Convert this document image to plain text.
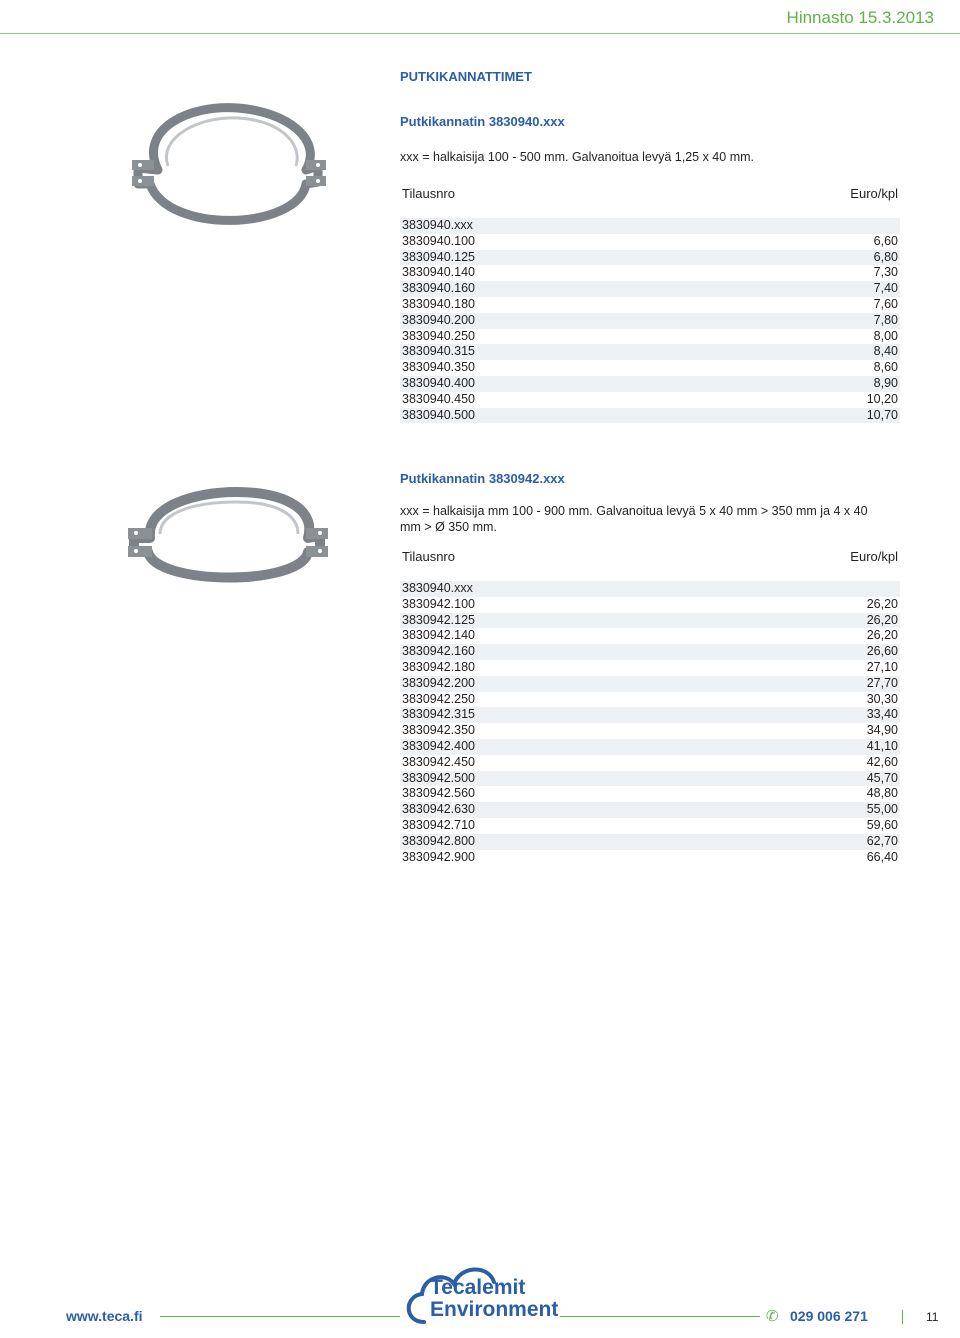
Hinnasto 15.3.2013
PUTKIKANNATTIMET
Putkikannatin 3830940.xxx
xxx = halkaisija 100 - 500 mm. Galvanoitua levyä 1,25 x 40 mm.
Tilausnro	Euro/kpl
3830940.xxx
3830940.100	6,60
3830940.125	6,80
3830940.140	7,30
3830940.160	7,40
3830940.180	7,60
3830940.200	7,80
3830940.250	8,00
3830940.315	8,40
3830940.350	8,60
3830940.400	8,90
3830940.450	10,20
3830940.500	10,70
Putkikannatin 3830942.xxx
xxx = halkaisija mm 100 - 900 mm. Galvanoitua levyä 5 x 40 mm > 350 mm ja 4 x 40 mm > Ø 350 mm.
Tilausnro	Euro/kpl
3830940.xxx
3830942.100	26,20
3830942.125	26,20
3830942.140	26,20
3830942.160	26,60
3830942.180	27,10
3830942.200	27,70
3830942.250	30,30
3830942.315	33,40
3830942.350	34,90
3830942.400	41,10
3830942.450	42,60
3830942.500	45,70
3830942.560	48,80
3830942.630	55,00
3830942.710	59,60
3830942.800	62,70
3830942.900	66,40
www.teca.fi
Tecalemit
Environment	✆ 029 006 271	11
